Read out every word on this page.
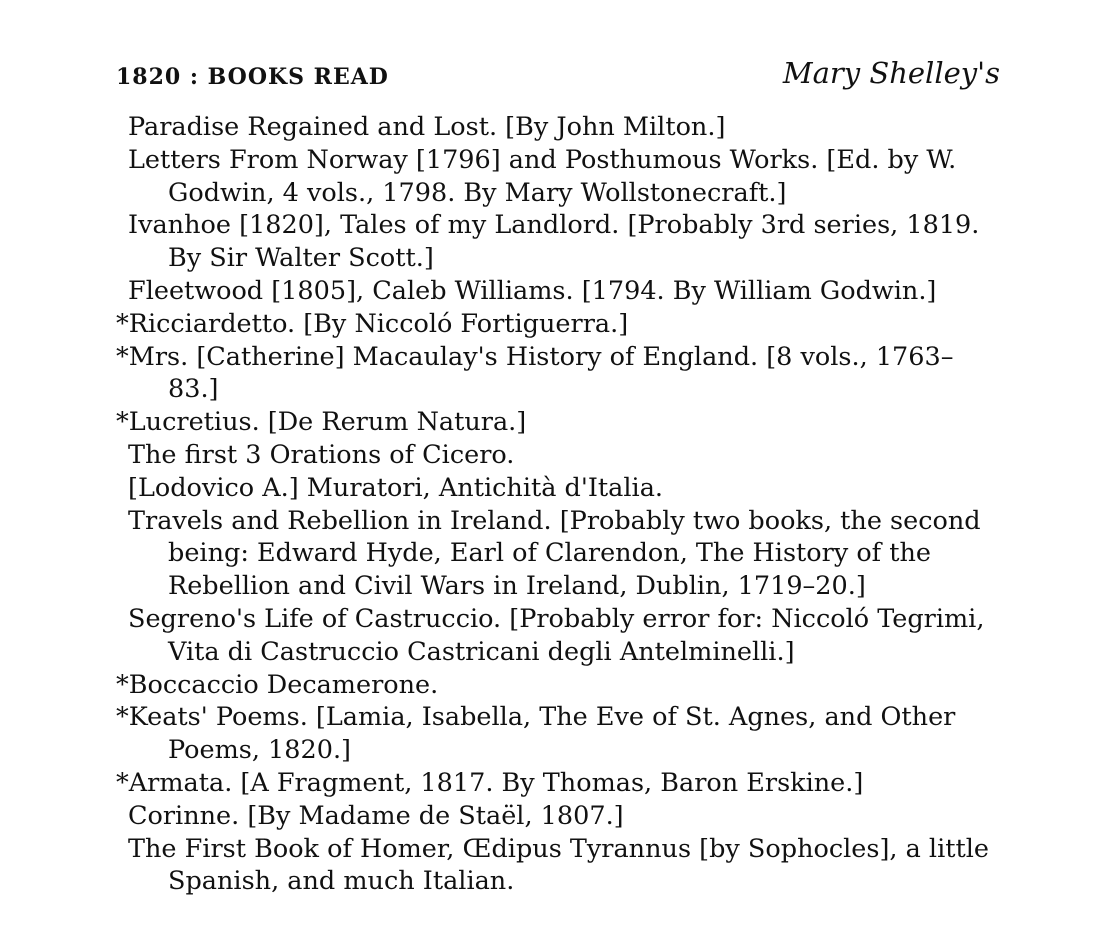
1820 : BOOKS READ	Mary Shelley's

Paradise Regained and Lost. [By John Milton.]

Letters From Norway [1796] and Posthumous Works. [Ed. by W. Godwin, 4 vols., 1798. By Mary Wollstonecraft.]

Ivanhoe [1820], Tales of my Landlord. [Probably 3rd series, 1819. By Sir Walter Scott.]

Fleetwood [1805], Caleb Williams. [1794. By William Godwin.]

*Ricciardetto. [By Niccoló Fortiguerra.]

*Mrs. [Catherine] Macaulay's History of England. [8 vols., 1763–83.]

*Lucretius. [De Rerum Natura.]

The first 3 Orations of Cicero.

[Lodovico A.] Muratori, Antichità d'Italia.

Travels and Rebellion in Ireland. [Probably two books, the second being: Edward Hyde, Earl of Clarendon, The History of the Rebellion and Civil Wars in Ireland, Dublin, 1719–20.]

Segreno's Life of Castruccio. [Probably error for: Niccoló Tegrimi, Vita di Castruccio Castricani degli Antelminelli.]

*Boccaccio Decamerone.

*Keats' Poems. [Lamia, Isabella, The Eve of St. Agnes, and Other Poems, 1820.]

*Armata. [A Fragment, 1817. By Thomas, Baron Erskine.]

Corinne. [By Madame de Staël, 1807.]

The First Book of Homer, Œdipus Tyrannus [by Sophocles], a little Spanish, and much Italian.
